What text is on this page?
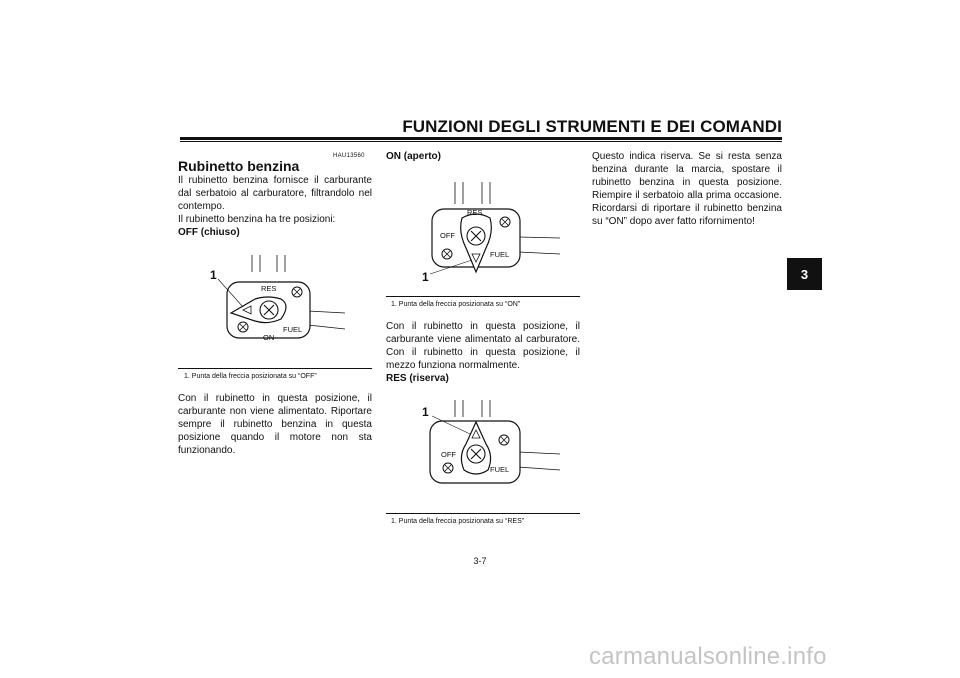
FUNZIONI DEGLI STRUMENTI E DEI COMANDI
3
HAU13560
Rubinetto benzina

Il rubinetto benzina fornisce il carburante dal serbatoio al carburatore, filtrandolo nel contempo.

Il rubinetto benzina ha tre posizioni:

OFF (chiuso)

1
RES
FUEL
ON
1. Punta della freccia posizionata su “OFF”

Con il rubinetto in questa posizione, il carburante non viene alimentato. Riportare sempre il rubinetto benzina in questa posizione quando il motore non sta funzionando.

ON (aperto)

1
RES
OFF
FUEL
1. Punta della freccia posizionata su “ON”

Con il rubinetto in questa posizione, il carburante viene alimentato al carburatore. Con il rubinetto in questa posizione, il mezzo funziona normalmente.

RES (riserva)

1
OFF
FUEL
1. Punta della freccia posizionata su “RES”

Questo indica riserva. Se si resta senza benzina durante la marcia, spostare il rubinetto benzina in questa posizione. Riempire il serbatoio alla prima occasione. Ricordarsi di riportare il rubinetto benzina su “ON” dopo aver fatto rifornimento!

3-7
carmanualsonline.info
